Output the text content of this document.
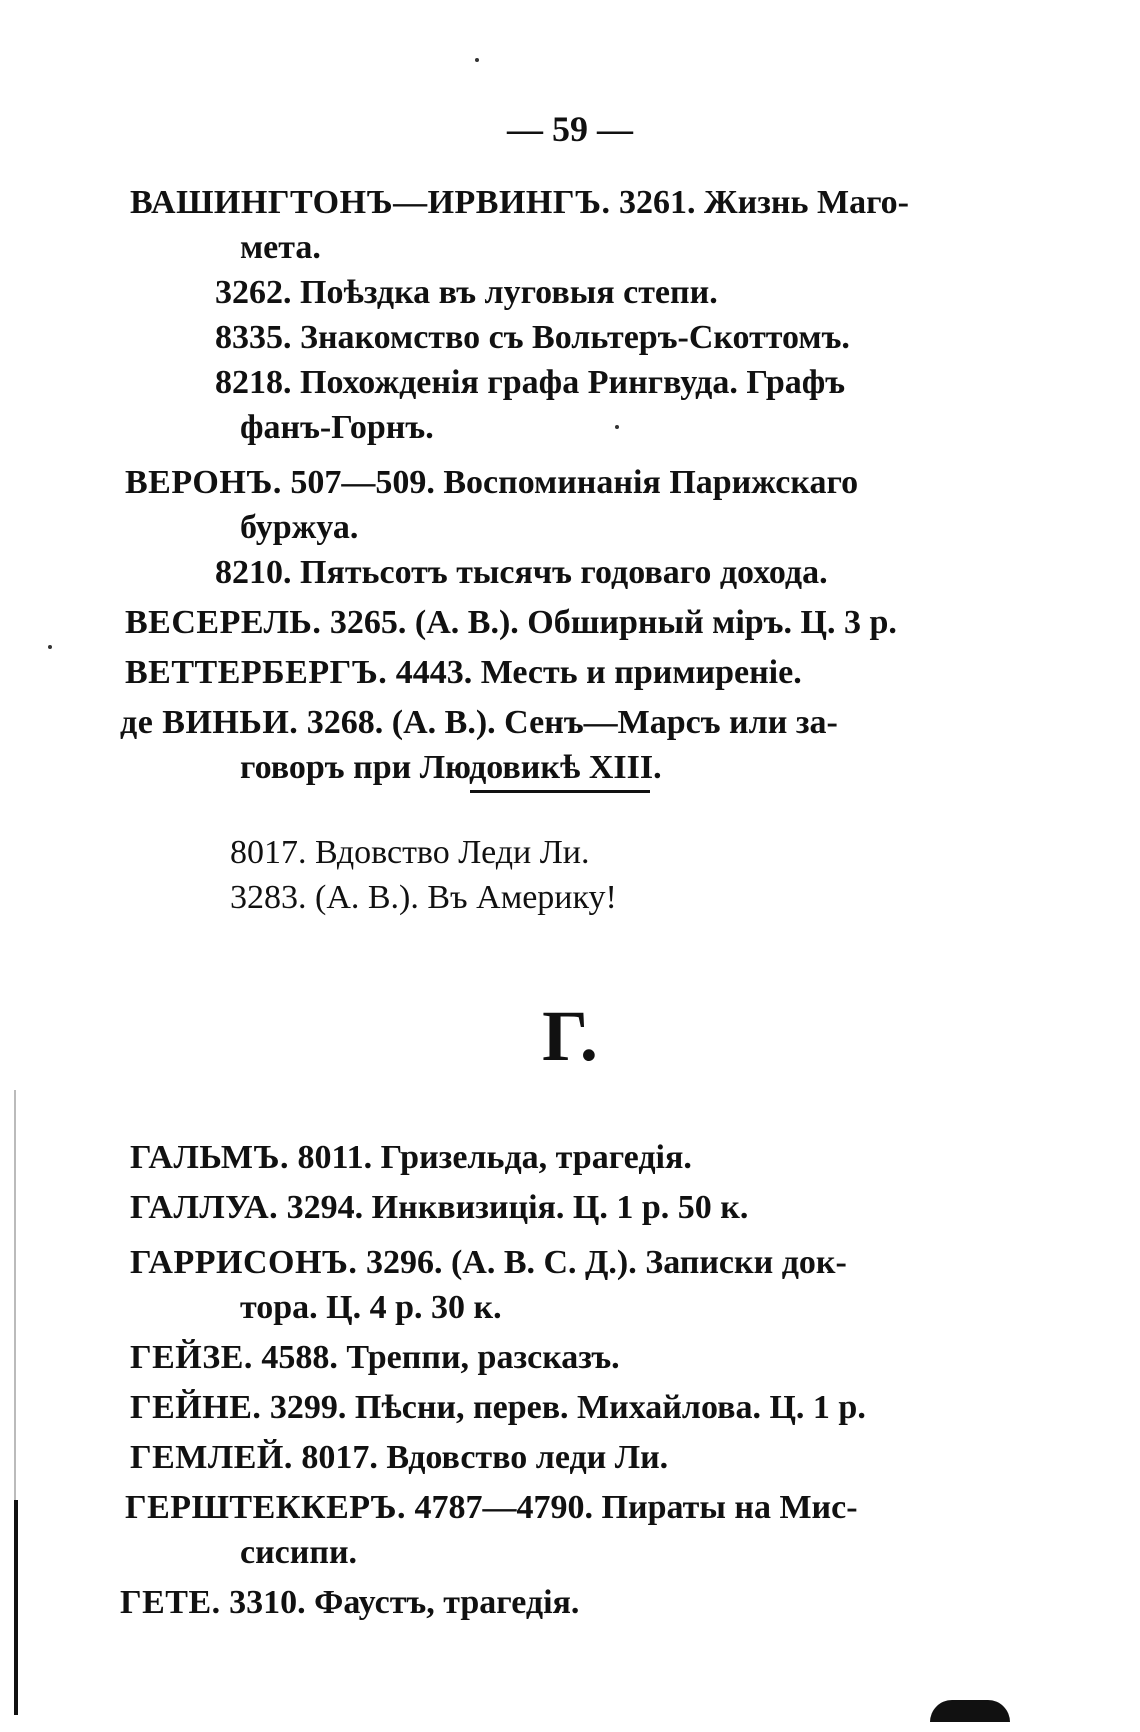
— 59 —
ВАШИНГТОНЪ—ИРВИНГЪ. 3261. Жизнь Маго-
мета.
3262. Поѣздка въ луговыя степи.
8335. Знакомство съ Вольтеръ-Скоттомъ.
8218. Похожденія графа Рингвуда. Графъ
фанъ-Горнъ.
ВЕРОНЪ. 507—509. Воспоминанія Парижскаго
буржуа.
8210. Пятьсотъ тысячъ годоваго дохода.
ВЕСЕРЕЛЬ. 3265. (А. В.). Обширный міръ. Ц. 3 р.
ВЕТТЕРБЕРГЪ. 4443. Месть и примиреніе.
де ВИНЬИ. 3268. (А. В.). Сенъ—Марсъ или за-
говоръ при Людовикѣ XIII.
8017. Вдовство Леди Ли.
3283. (А. В.). Въ Америку!
Г.
ГАЛЬМЪ. 8011. Гризельда, трагедія.
ГАЛЛУА. 3294. Инквизиція. Ц. 1 р. 50 к.
ГАРРИСОНЪ. 3296. (А. В. С. Д.). Записки док-
тора. Ц. 4 р. 30 к.
ГЕЙЗЕ. 4588. Треппи, разсказъ.
ГЕЙНЕ. 3299. Пѣсни, перев. Михайлова. Ц. 1 р.
ГЕМЛЕЙ. 8017. Вдовство леди Ли.
ГЕРШТЕККЕРЪ. 4787—4790. Пираты на Мис-
сисипи.
ГЕТЕ. 3310. Фаустъ, трагедія.
